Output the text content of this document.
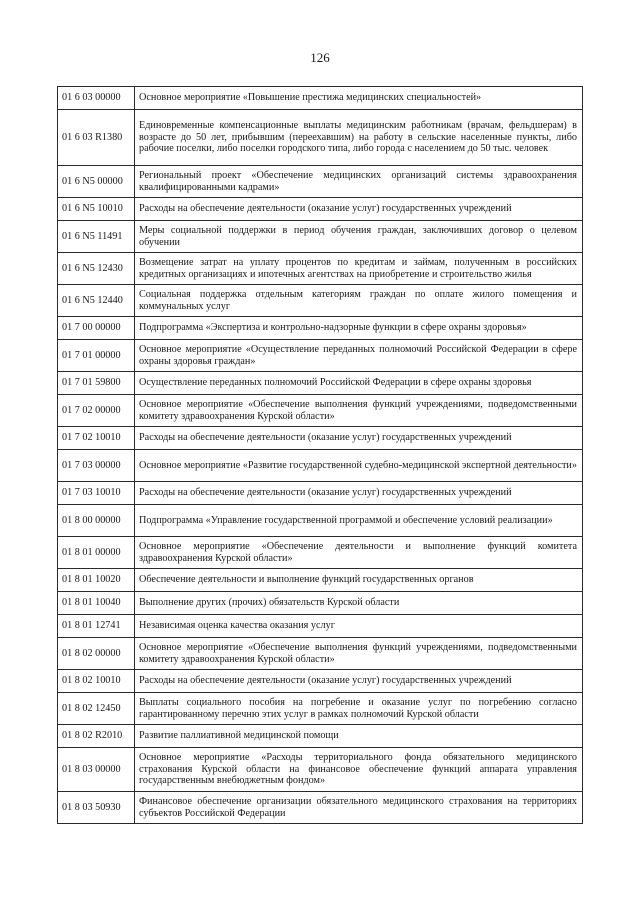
126
01 6 03 00000	Основное мероприятие «Повышение престижа медицинских специальностей»
01 6 03 R1380	Единовременные компенсационные выплаты медицинским работникам (врачам, фельдшерам) в возрасте до 50 лет, прибывшим (переехавшим) на работу в сельские населенные пункты, либо рабочие поселки, либо поселки городского типа, либо города с населением до 50 тыс. человек
01 6 N5 00000	Региональный проект «Обеспечение медицинских организаций системы здравоохранения квалифицированными кадрами»
01 6 N5 10010	Расходы на обеспечение деятельности (оказание услуг) государственных учреждений
01 6 N5 11491	Меры социальной поддержки в период обучения граждан, заключивших договор о целевом обучении
01 6 N5 12430	Возмещение затрат на уплату процентов по кредитам и займам, полученным в российских кредитных организациях и ипотечных агентствах на приобретение и строительство жилья
01 6 N5 12440	Социальная поддержка отдельным категориям граждан по оплате жилого помещения и коммунальных услуг
01 7 00 00000	Подпрограмма «Экспертиза и контрольно-надзорные функции в сфере охраны здоровья»
01 7 01 00000	Основное мероприятие «Осуществление переданных полномочий Российской Федерации в сфере охраны здоровья граждан»
01 7 01 59800	Осуществление переданных полномочий Российской Федерации в сфере охраны здоровья
01 7 02 00000	Основное мероприятие «Обеспечение выполнения функций учреждениями, подведомственными комитету здравоохранения Курской области»
01 7 02 10010	Расходы на обеспечение деятельности (оказание услуг) государственных учреждений
01 7 03 00000	Основное мероприятие «Развитие государственной судебно-медицинской экспертной деятельности»
01 7 03 10010	Расходы на обеспечение деятельности (оказание услуг) государственных учреждений
01 8 00 00000	Подпрограмма «Управление государственной программой и обеспечение условий реализации»
01 8 01 00000	Основное мероприятие «Обеспечение деятельности и выполнение функций комитета здравоохранения Курской области»
01 8 01 10020	Обеспечение деятельности и выполнение функций государственных органов
01 8 01 10040	Выполнение других (прочих) обязательств Курской области
01 8 01 12741	Независимая оценка качества оказания услуг
01 8 02 00000	Основное мероприятие «Обеспечение выполнения функций учреждениями, подведомственными комитету здравоохранения Курской области»
01 8 02 10010	Расходы на обеспечение деятельности (оказание услуг) государственных учреждений
01 8 02 12450	Выплаты социального пособия на погребение и оказание услуг по погребению согласно гарантированному перечню этих услуг в рамках полномочий Курской области
01 8 02 R2010	Развитие паллиативной медицинской помощи
01 8 03 00000	Основное мероприятие «Расходы территориального фонда обязательного медицинского страхования Курской области на финансовое обеспечение функций аппарата управления государственным внебюджетным фондом»
01 8 03 50930	Финансовое обеспечение организации обязательного медицинского страхования на территориях субъектов Российской Федерации
